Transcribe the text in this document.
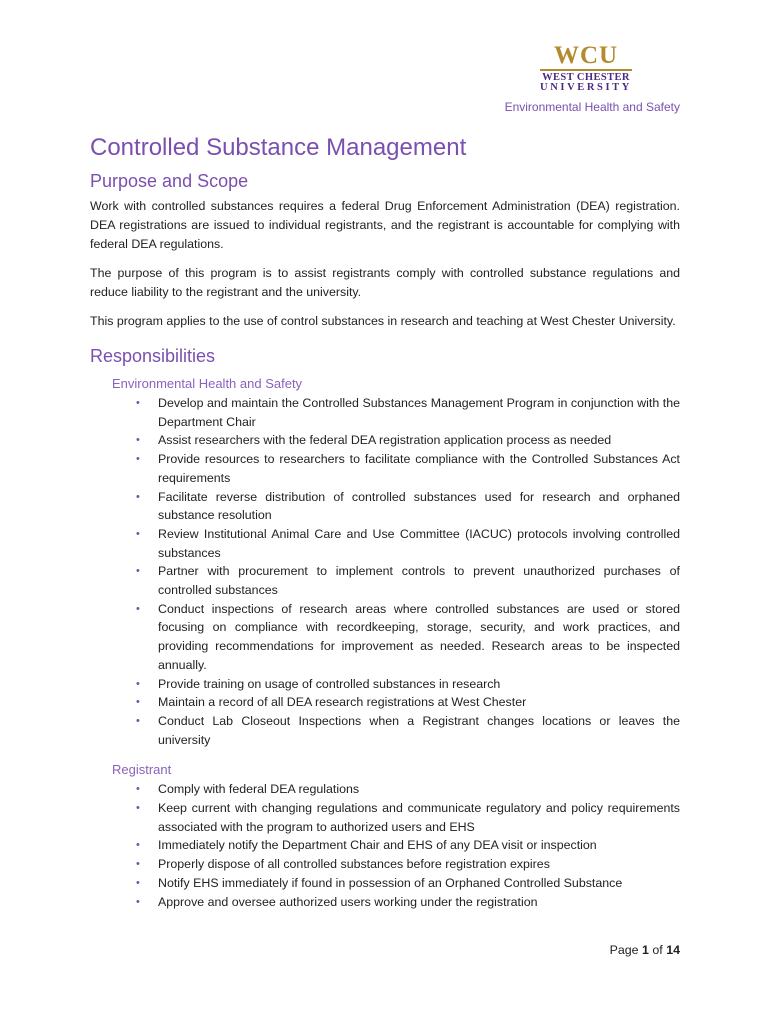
WCU
WEST CHESTER
UNIVERSITY
Environmental Health and Safety
Controlled Substance Management
Purpose and Scope

Work with controlled substances requires a federal Drug Enforcement Administration (DEA) registration. DEA registrations are issued to individual registrants, and the registrant is accountable for complying with federal DEA regulations.

The purpose of this program is to assist registrants comply with controlled substance regulations and reduce liability to the registrant and the university.

This program applies to the use of control substances in research and teaching at West Chester University.

Responsibilities
Environmental Health and Safety
• Develop and maintain the Controlled Substances Management Program in conjunction with the Department Chair
• Assist researchers with the federal DEA registration application process as needed
• Provide resources to researchers to facilitate compliance with the Controlled Substances Act requirements
• Facilitate reverse distribution of controlled substances used for research and orphaned substance resolution
• Review Institutional Animal Care and Use Committee (IACUC) protocols involving controlled substances
• Partner with procurement to implement controls to prevent unauthorized purchases of controlled substances
• Conduct inspections of research areas where controlled substances are used or stored focusing on compliance with recordkeeping, storage, security, and work practices, and providing recommendations for improvement as needed. Research areas to be inspected annually.
• Provide training on usage of controlled substances in research
• Maintain a record of all DEA research registrations at West Chester
• Conduct Lab Closeout Inspections when a Registrant changes locations or leaves the university
Registrant
• Comply with federal DEA regulations
• Keep current with changing regulations and communicate regulatory and policy requirements associated with the program to authorized users and EHS
• Immediately notify the Department Chair and EHS of any DEA visit or inspection
• Properly dispose of all controlled substances before registration expires
• Notify EHS immediately if found in possession of an Orphaned Controlled Substance
• Approve and oversee authorized users working under the registration
Page 1 of 14
